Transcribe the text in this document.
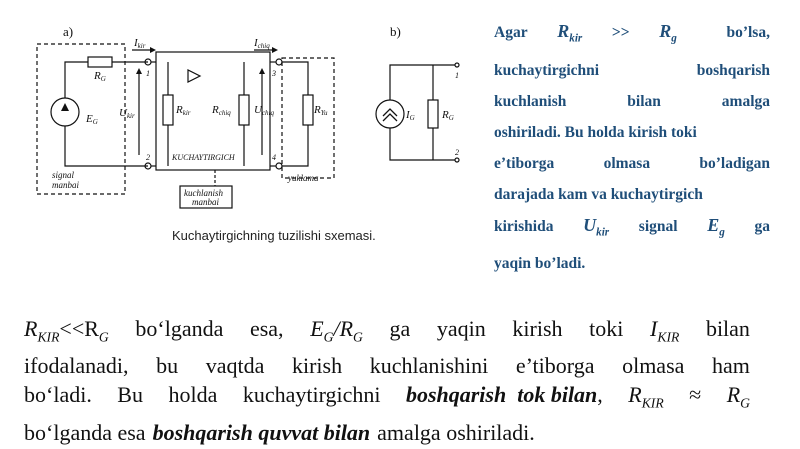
a)	b)
Ikir	Ichiq
RG
EG
Ukir	Rkir Rchiq Uchiq	RYu
1
2
3
4
KUCHAYTIRGICH
signal
manbai
kuchlanish
manbai
yuklama
IG RG
1
2
Kuchaytirgichning tuzilishi sxemasi.
Agar $R_{kir} >> R_g$	bo’lsa,
kuchaytirgichni	boshqarish
kuchlanish	bilan	amalga
oshiriladi. Bu holda kirish toki
e’tiborga	olmasa	bo’ladigan
darajada kam va kuchaytirgich
kirishida $U_{kir}$ signal $E_g$ ga
yaqin bo’ladi.
$R_{KIR}<<R_G$ bo‘lganda esa, $E_G/R_G$ ga yaqin kirish toki $I_{KIR}$ bilan
ifodalanadi, bu vaqtda kirish kuchlanishini e’tiborga olmasa ham
bo‘ladi. Bu holda kuchaytirgichni boshqarish  tok bilan, $R_{KIR} \approx R_G$
bo‘lganda esa boshqarish quvvat bilan amalga oshiriladi.
